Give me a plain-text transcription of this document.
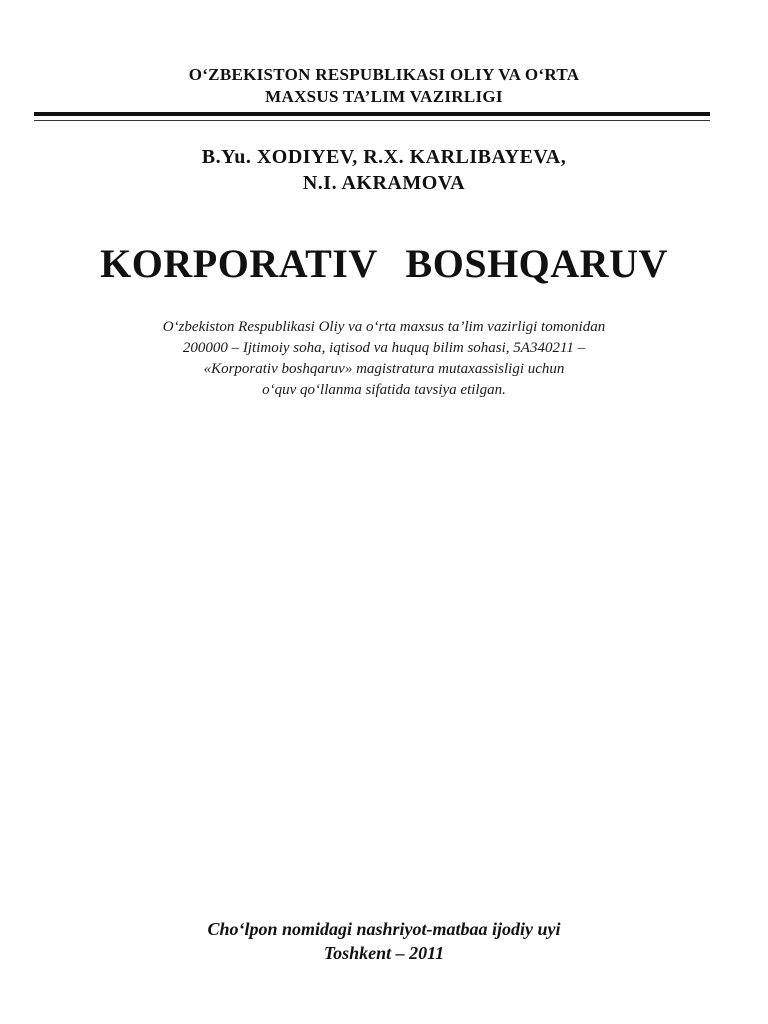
O‘ZBEKISTON RESPUBLIKASI OLIY VA O‘RTA
MAXSUS TA’LIM VAZIRLIGI
B.Yu. XODIYEV, R.X. KARLIBAYEVA,
N.I. AKRAMOVA
KORPORATIV BOSHQARUV
O‘zbekiston Respublikasi Oliy va o‘rta maxsus ta’lim vazirligi tomonidan
200000 – Ijtimoiy soha, iqtisod va huquq bilim sohasi, 5A340211 –
«Korporativ boshqaruv» magistratura mutaxassisligi uchun
o‘quv qo‘llanma sifatida tavsiya etilgan.
Cho‘lpon nomidagi nashriyot-matbaa ijodiy uyi
Toshkent – 2011
